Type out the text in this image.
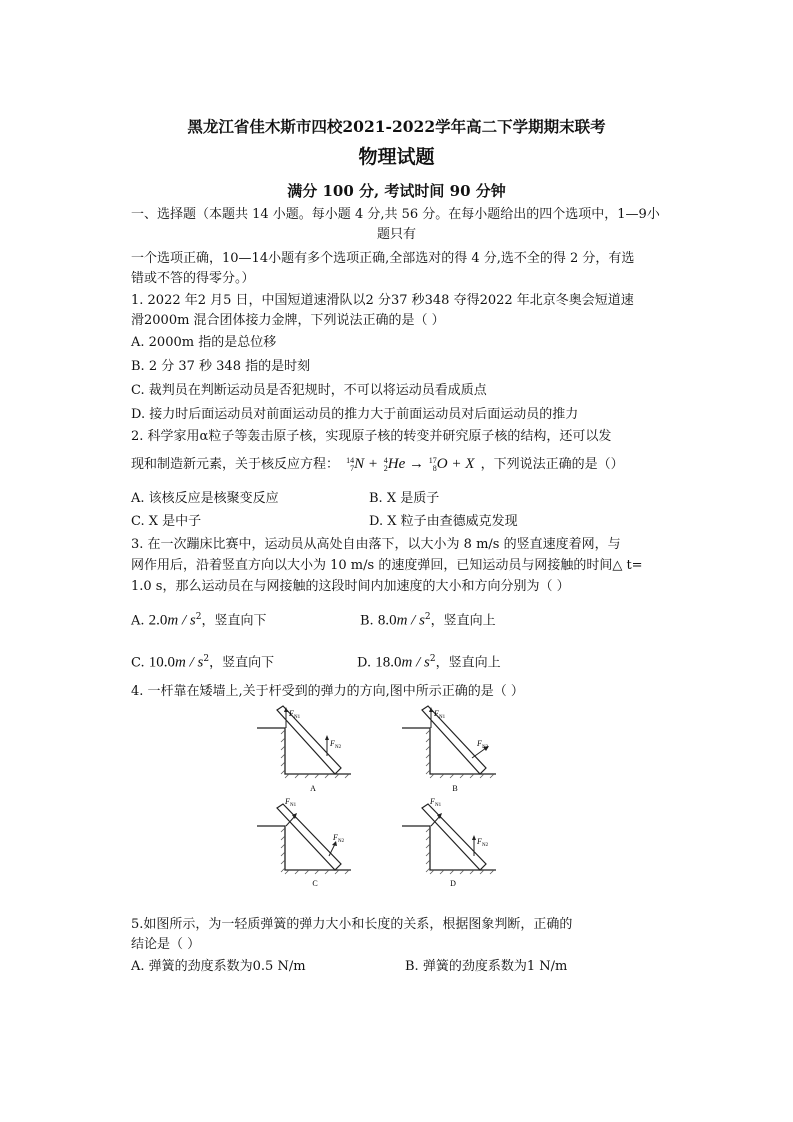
黑龙江省佳木斯市四校2021-2022学年高二下学期期末联考
物理试题
满分 100 分, 考试时间 90 分钟
一、选择题（本题共 14 小题。每小题 4 分,共 56 分。在每小题给出的四个选项中，1—9小
题只有
一个选项正确，10—14小题有多个选项正确,全部选对的得 4 分,选不全的得 2 分，有选
错或不答的得零分。）
1. 2022 年2 月5 日，中国短道速滑队以2 分37 秒348 夺得2022 年北京冬奥会短道速
滑2000m 混合团体接力金牌，下列说法正确的是（ ）
A. 2000m 指的是总位移
B. 2 分 37 秒 348 指的是时刻
C. 裁判员在判断运动员是否犯规时，不可以将运动员看成质点
D. 接力时后面运动员对前面运动员的推力大于前面运动员对后面运动员的推力
2. 科学家用α粒子等轰击原子核，实现原子核的转变并研究原子核的结构，还可以发
现和制造新元素，关于核反应方程： 14
7N + 4
2He → 17
8O + X ，下列说法正确的是（）
A. 该核反应是核聚变反应	B. X 是质子
C. X 是中子	D. X 粒子由查德威克发现
3. 在一次蹦床比赛中，运动员从高处自由落下，以大小为 8 m/s 的竖直速度着网，与
网作用后，沿着竖直方向以大小为 10 m/s 的速度弹回，已知运动员与网接触的时间△ t=
1.0 s，那么运动员在与网接触的这段时间内加速度的大小和方向分别为（ ）
A. $2.0m / s^2$，竖直向下	B. $8.0m / s^2$，竖直向上
C. $10.0m / s^2$，竖直向下	D. $18.0m / s^2$，竖直向上
4. 一杆靠在矮墙上,关于杆受到的弹力的方向,图中所示正确的是（ ）
F N1
F N2
A
F N1
F N2
B
F N1
F N2
C
F N1
F N2
D
5.如图所示，为一轻质弹簧的弹力大小和长度的关系，根据图象判断，正确的
结论是（ ）
A. 弹簧的劲度系数为0.5 N/m	B. 弹簧的劲度系数为1 N/m
